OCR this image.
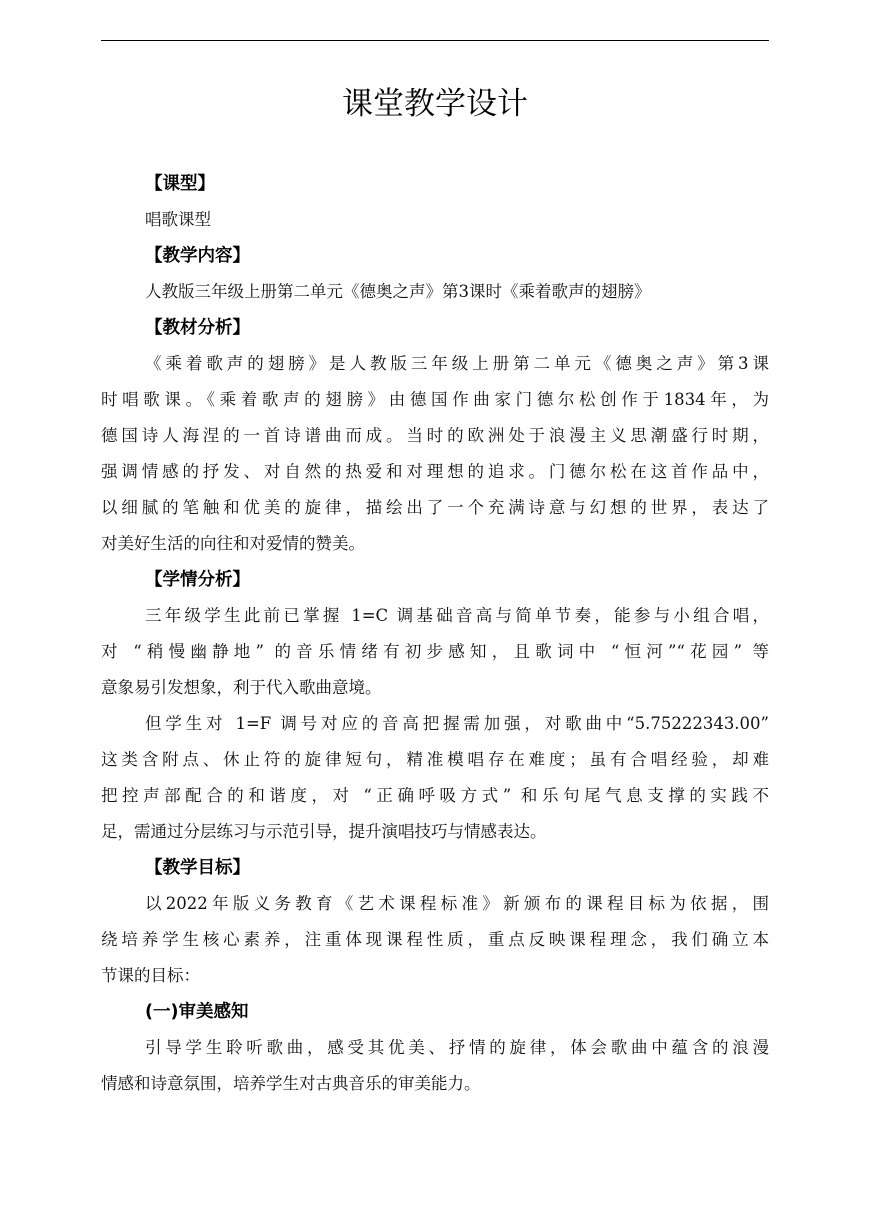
课堂教学设计
【课型】

唱歌课型

【教学内容】

人教版三年级上册第二单元《德奥之声》第3课时《乘着歌声的翅膀》

【教材分析】

《乘着歌声的翅膀》是人教版三年级上册第二单元《德奥之声》第3课

时唱歌课。《乘着歌声的翅膀》由德国作曲家门德尔松创作于1834年，为

德国诗人海涅的一首诗谱曲而成。当时的欧洲处于浪漫主义思潮盛行时期，

强调情感的抒发、对自然的热爱和对理想的追求。门德尔松在这首作品中，

以细腻的笔触和优美的旋律，描绘出了一个充满诗意与幻想的世界，表达了

对美好生活的向往和对爱情的赞美。

【学情分析】

三年级学生此前已掌握 1=C 调基础音高与简单节奏，能参与小组合唱，

对 “稍慢幽静地” 的音乐情绪有初步感知，且歌词中 “恒河”“花园” 等

意象易引发想象，利于代入歌曲意境。

但学生对 1=F 调号对应的音高把握需加强，对歌曲中“5.75222343.00”

这类含附点、休止符的旋律短句，精准模唱存在难度；虽有合唱经验，却难

把控声部配合的和谐度，对 “正确呼吸方式” 和乐句尾气息支撑的实践不

足，需通过分层练习与示范引导，提升演唱技巧与情感表达。

【教学目标】

以2022年版义务教育《艺术课程标准》新颁布的课程目标为依据，围

绕培养学生核心素养，注重体现课程性质，重点反映课程理念，我们确立本

节课的目标：

(一)审美感知

引导学生聆听歌曲，感受其优美、抒情的旋律，体会歌曲中蕴含的浪漫

情感和诗意氛围，培养学生对古典音乐的审美能力。
